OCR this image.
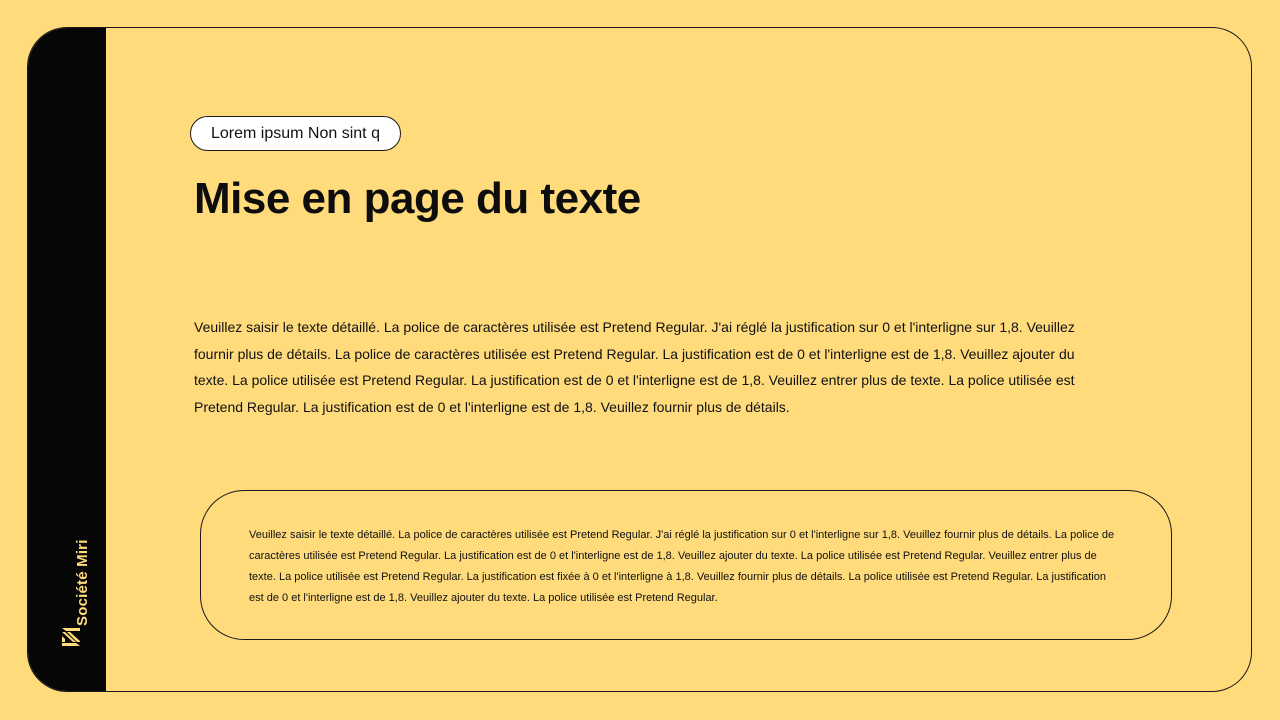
Société Miri
Lorem ipsum Non sint q
Mise en page du texte

Veuillez saisir le texte détaillé. La police de caractères utilisée est Pretend Regular. J'ai réglé la justification sur 0 et l'interligne sur 1,8. Veuillez fournir plus de détails. La police de caractères utilisée est Pretend Regular. La justification est de 0 et l'interligne est de 1,8. Veuillez ajouter du texte. La police utilisée est Pretend Regular. La justification est de 0 et l'interligne est de 1,8. Veuillez entrer plus de texte. La police utilisée est Pretend Regular. La justification est de 0 et l'interligne est de 1,8. Veuillez fournir plus de détails.

Veuillez saisir le texte détaillé. La police de caractères utilisée est Pretend Regular. J'ai réglé la justification sur 0 et l'interligne sur 1,8. Veuillez fournir plus de détails. La police de caractères utilisée est Pretend Regular. La justification est de 0 et l'interligne est de 1,8. Veuillez ajouter du texte. La police utilisée est Pretend Regular. Veuillez entrer plus de texte. La police utilisée est Pretend Regular. La justification est fixée à 0 et l'interligne à 1,8. Veuillez fournir plus de détails. La police utilisée est Pretend Regular. La justification est de 0 et l'interligne est de 1,8. Veuillez ajouter du texte. La police utilisée est Pretend Regular.
